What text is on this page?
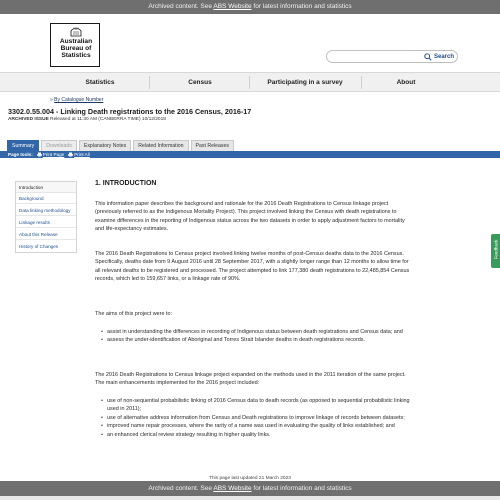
Archived content. See ABS Website for latest information and statistics
Australian
Bureau of
Statistics	Search
Statistics	Census	Participating in a survey	About
» By Catalogue Number
3302.0.55.004 - Linking Death registrations to the 2016 Census, 2016-17
ARCHIVED ISSUE Released at 11:30 AM (CANBERRA TIME) 10/12/2018
Summary	Downloads	Explanatory Notes	Related Information	Past Releases
Page tools: Print Page Print All
Introduction
Background
Data linking methodology
Linkage results
About this Release
History of Changes
1. INTRODUCTION

This information paper describes the background and rationale for the 2016 Death Registrations to Census linkage project (previously referred to as the Indigenous Mortality Project). This project involved linking the Census with death registrations to examine differences in the reporting of Indigenous status across the two datasets in order to apply adjustment factors to mortality and life-expectancy estimates.

The 2016 Death Registrations to Census project involved linking twelve months of post-Census deaths data to the 2016 Census. Specifically, deaths date from 9 August 2016 until 28 September 2017, with a slightly longer range than 12 months to allow time for all relevant deaths to be registered and processed. The project attempted to link 177,380 death registrations to 22,485,854 Census records, which led to 159,657 links, or a linkage rate of 90%.

The aims of this project were to:

• assist in understanding the differences in recording of Indigenous status between death registrations and Census data; and
• assess the under-identification of Aboriginal and Torres Strait Islander deaths in death registrations records.

The 2016 Death Registrations to Census linkage project expanded on the methods used in the 2011 iteration of the same project. The main enhancements implemented for the 2016 project included:

• use of non-sequential probabilistic linking of 2016 Census data to death records (as opposed to sequential probabilistic linking used in 2011);
• use of alternative address information from Census and Death registrations to improve linkage of records between datasets;
• improved name repair processes, where the rarity of a name was used in evaluating the quality of links established; and
• an enhanced clerical review strategy resulting in higher quality links.
This page last updated 21 March 2023
Feedback
Archived content. See ABS Website for latest information and statistics
